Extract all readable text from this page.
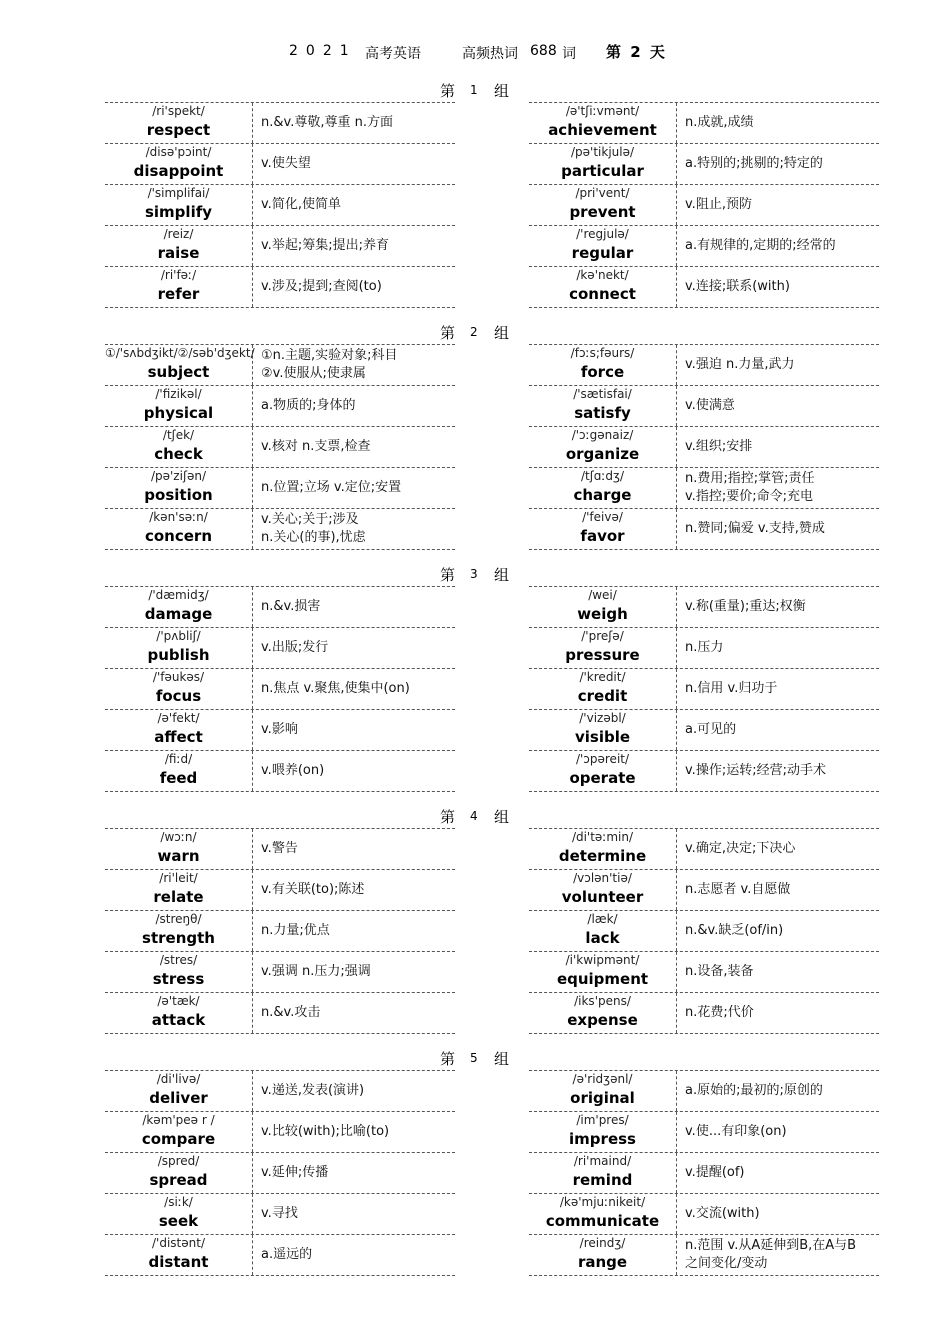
2021 高考英语	高频热词 688 词 第 2 天
第 1 组
/ri'spekt/
respect	n.&v.尊敬,尊重 n.方面
/disə'pɔint/
disappoint	v.使失望
/'simplifai/
simplify	v.简化,使简单
/reiz/
raise	v.举起;筹集;提出;养育
/ri'fəː/
refer	v.涉及;提到;查阅(to)
/ə'tʃiːvmənt/
achievement	n.成就,成绩
/pə'tikjulə/
particular	a.特别的;挑剔的;特定的
/pri'vent/
prevent	v.阻止,预防
/'regjulə/
regular	a.有规律的,定期的;经常的
/kə'nekt/
connect	v.连接;联系(with)
第 2 组
①/'sʌbdʒikt/②/səb'dʒekt/
subject
①n.主题,实验对象;科目
②v.使服从;使隶属
/'fizikəl/
physical	a.物质的;身体的
/tʃek/
check	v.核对 n.支票,检查
/pə'ziʃən/
position	n.位置;立场 v.定位;安置
/kən'səːn/
concern
v.关心;关于;涉及
n.关心(的事),忧虑
/fɔːs;fəurs/
force	v.强迫 n.力量,武力
/'sætisfai/
satisfy	v.使满意
/'ɔːgənaiz/
organize	v.组织;安排
/tʃɑːdʒ/
charge
n.费用;指控;掌管;责任
v.指控;要价;命令;充电
/'feivə/
favor	n.赞同;偏爱 v.支持,赞成
第 3 组
/'dæmidʒ/
damage	n.&v.损害
/'pʌbliʃ/
publish	v.出版;发行
/'fəukəs/
focus	n.焦点 v.聚焦,使集中(on)
/ə'fekt/
affect	v.影响
/fiːd/
feed	v.喂养(on)
/wei/
weigh	v.称(重量);重达;权衡
/'preʃə/
pressure	n.压力
/'kredit/
credit	n.信用 v.归功于
/'vizəbl/
visible	a.可见的
/'ɔpəreit/
operate	v.操作;运转;经营;动手术
第 4 组
/wɔːn/
warn	v.警告
/ri'leit/
relate	v.有关联(to);陈述
/streŋθ/
strength	n.力量;优点
/stres/
stress	v.强调 n.压力;强调
/ə'tæk/
attack	n.&v.攻击
/di'təːmin/
determine	v.确定,决定;下决心
/vɔlən'tiə/
volunteer	n.志愿者 v.自愿做
/læk/
lack	n.&v.缺乏(of/in)
/i'kwipmənt/
equipment	n.设备,装备
/iks'pens/
expense	n.花费;代价
第 5 组
/di'livə/
deliver	v.递送,发表(演讲)
/kəm'peə r /
compare	v.比较(with);比喻(to)
/spred/
spread	v.延伸;传播
/siːk/
seek	v.寻找
/'distənt/
distant	a.遥远的
/ə'ridʒənl/
original	a.原始的;最初的;原创的
/im'pres/
impress	v.使...有印象(on)
/ri'maind/
remind	v.提醒(of)
/kə'mjuːnikeit/
communicate	v.交流(with)
/reindʒ/
range
n.范围 v.从A延伸到B,在A与B
之间变化/变动
